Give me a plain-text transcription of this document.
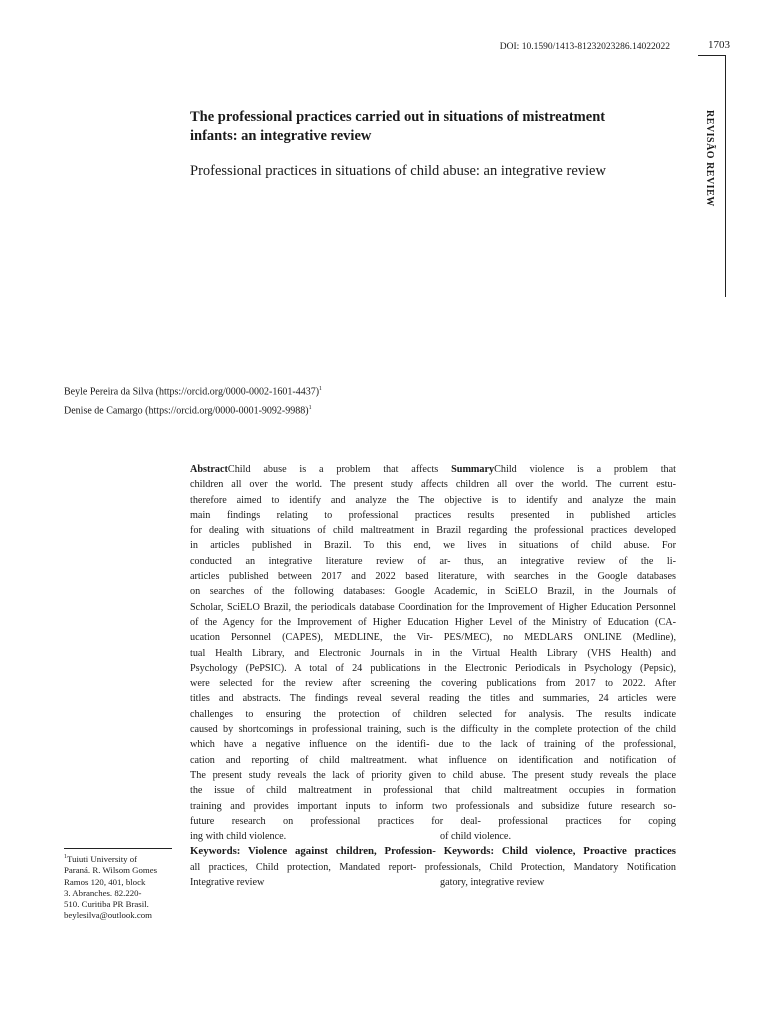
DOI: 10.1590/1413-81232023286.14022022	1703
REVISÃO REVIEW
The professional practices carried out in situations of mistreatment infants: an integrative review
Professional practices in situations of child abuse: an integrative review
Beyle Pereira da Silva (https://orcid.org/0000-0002-1601-4437)$^1$
Denise de Camargo (https://orcid.org/0000-0001-9092-9988)$^1$
AbstractChild abuse is a problem that affects SummaryChild violence is a problem that
children all over the world. The present study affects children all over the world. The current estu-
therefore aimed to identify and analyze the The objective is to identify and analyze the main
main findings relating to professional practices results presented in published articles
for dealing with situations of child maltreatment in Brazil regarding the professional practices developed
in articles published in Brazil. To this end, we lives in situations of child abuse. For
conducted an integrative literature review of ar- thus, an integrative review of the li-
articles published between 2017 and 2022 based literature, with searches in the Google databases
on searches of the following databases: Google Academic, in SciELO Brazil, in the Journals of
Scholar, SciELO Brazil, the periodicals database Coordination for the Improvement of Higher Education Personnel
of the Agency for the Improvement of Higher Education Higher Level of the Ministry of Education (CA-
ucation Personnel (CAPES), MEDLINE, the Vir- PES/MEC), no MEDLARS ONLINE (Medline),
tual Health Library, and Electronic Journals in in the Virtual Health Library (VHS Health) and
Psychology (PePSIC). A total of 24 publications in the Electronic Periodicals in Psychology (Pepsic),
were selected for the review after screening the covering publications from 2017 to 2022. After
titles and abstracts. The findings reveal several reading the titles and summaries, 24 articles were
challenges to ensuring the protection of children selected for analysis. The results indicate
caused by shortcomings in professional training, such is the difficulty in the complete protection of the child
which have a negative influence on the identifi- due to the lack of training of the professional,
cation and reporting of child maltreatment. what influence on identification and notification of
The present study reveals the lack of priority given to child abuse. The present study reveals the place
the issue of child maltreatment in professional that child maltreatment occupies in formation
training and provides important inputs to inform two professionals and subsidize future research so-
future research on professional practices for deal- professional practices for coping
ing with child violence.	of child violence.
Keywords: Violence against children, Profession- Keywords: Child violence, Proactive practices
all practices, Child protection, Mandated report- professionals, Child Protection, Mandatory Notification
Integrative review	gatory, integrative review
$^1$Tuiuti University of
Paraná. R. Wilsom Gomes
Ramos 120, 401, block
3. Abranches. 82.220-
510. Curitiba PR Brasil.
beylesilva@outlook.com
